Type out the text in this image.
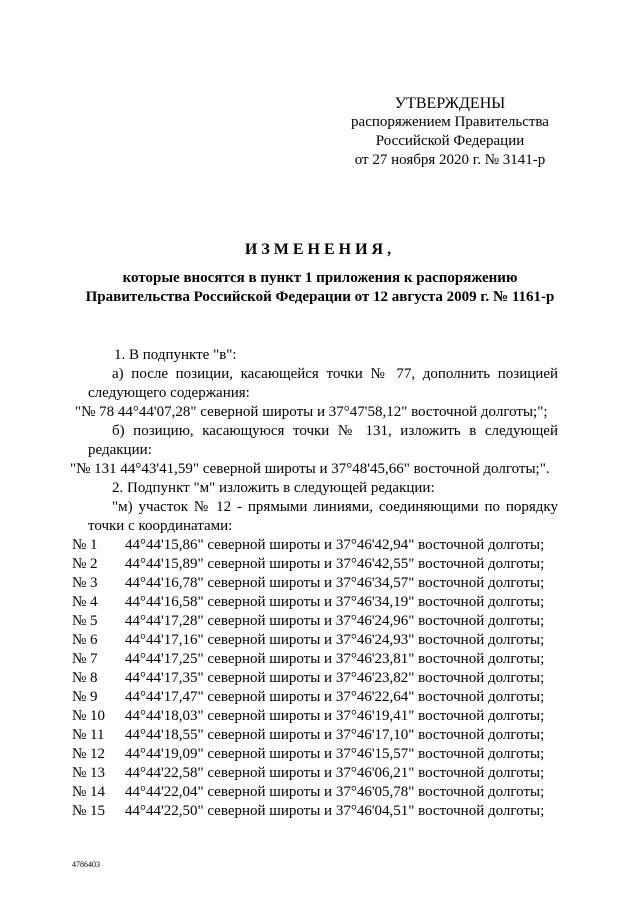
УТВЕРЖДЕНЫ
распоряжением Правительства
Российской Федерации
от 27 ноября 2020 г. № 3141-р
ИЗМЕНЕНИЯ,
которые вносятся в пункт 1 приложения к распоряжению
Правительства Российской Федерации от 12 августа 2009 г. № 1161-р
1. В подпункте "в":
а) после позиции, касающейся точки № 77, дополнить позицией
следующего содержания:
"№ 78 44°44'07,28" северной широты и 37°47'58,12" восточной долготы;";
б) позицию, касающуюся точки № 131, изложить в следующей
редакции:
"№ 131 44°43'41,59" северной широты и 37°48'45,66" восточной долготы;".
2. Подпункт "м" изложить в следующей редакции:
"м) участок № 12 - прямыми линиями, соединяющими по порядку
точки с координатами:
№ 1	44°44'15,86" северной широты и 37°46'42,94" восточной долготы;
№ 2	44°44'15,89" северной широты и 37°46'42,55" восточной долготы;
№ 3	44°44'16,78" северной широты и 37°46'34,57" восточной долготы;
№ 4	44°44'16,58" северной широты и 37°46'34,19" восточной долготы;
№ 5	44°44'17,28" северной широты и 37°46'24,96" восточной долготы;
№ 6	44°44'17,16" северной широты и 37°46'24,93" восточной долготы;
№ 7	44°44'17,25" северной широты и 37°46'23,81" восточной долготы;
№ 8	44°44'17,35" северной широты и 37°46'23,82" восточной долготы;
№ 9	44°44'17,47" северной широты и 37°46'22,64" восточной долготы;
№ 10	44°44'18,03" северной широты и 37°46'19,41" восточной долготы;
№ 11	44°44'18,55" северной широты и 37°46'17,10" восточной долготы;
№ 12	44°44'19,09" северной широты и 37°46'15,57" восточной долготы;
№ 13	44°44'22,58" северной широты и 37°46'06,21" восточной долготы;
№ 14	44°44'22,04" северной широты и 37°46'05,78" восточной долготы;
№ 15	44°44'22,50" северной широты и 37°46'04,51" восточной долготы;
4786403
